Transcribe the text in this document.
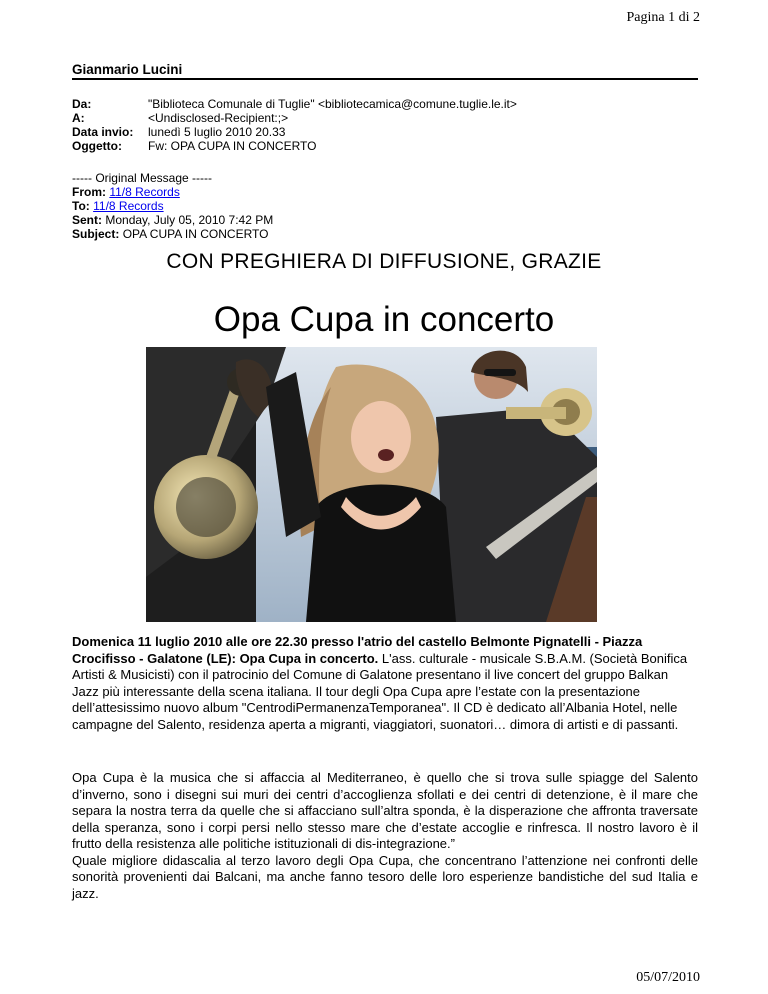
Pagina 1 di 2
Gianmario Lucini
Da:	"Biblioteca Comunale di Tuglie" <bibliotecamica@comune.tuglie.le.it>
A:	<Undisclosed-Recipient:;>
Data invio:	lunedì 5 luglio 2010 20.33
Oggetto:	Fw: OPA CUPA IN CONCERTO
----- Original Message -----
From: 11/8 Records
To: 11/8 Records
Sent: Monday, July 05, 2010 7:42 PM
Subject: OPA CUPA IN CONCERTO
CON PREGHIERA DI DIFFUSIONE, GRAZIE
Opa Cupa in concerto

Domenica 11 luglio 2010 alle ore 22.30 presso l'atrio del castello Belmonte Pignatelli - Piazza Crocifisso - Galatone (LE): Opa Cupa in concerto. L'ass. culturale - musicale S.B.A.M. (Società Bonifica Artisti & Musicisti) con il patrocinio del Comune di Galatone presentano il live concert del gruppo Balkan Jazz più interessante della scena italiana. Il tour degli Opa Cupa apre l’estate con la presentazione dell’attesissimo nuovo album "CentrodiPermanenzaTemporanea". Il CD è dedicato all’Albania Hotel, nelle campagne del Salento, residenza aperta a migranti, viaggiatori, suonatori… dimora di artisti e di passanti.

Opa Cupa è la musica che si affaccia al Mediterraneo, è quello che si trova sulle spiagge del Salento d’inverno, sono i disegni sui muri dei centri d’accoglienza sfollati e dei centri di detenzione, è il mare che separa la nostra terra da quelle che si affacciano sull’altra sponda, è la disperazione che affronta traversate della speranza, sono i corpi persi nello stesso mare che d’estate accoglie e rinfresca. Il nostro lavoro è il frutto della resistenza alle politiche istituzionali di dis-integrazione.”

Quale migliore didascalia al terzo lavoro degli Opa Cupa, che concentrano l’attenzione nei confronti delle sonorità provenienti dai Balcani, ma anche fanno tesoro delle loro esperienze bandistiche del sud Italia e jazz.

05/07/2010
